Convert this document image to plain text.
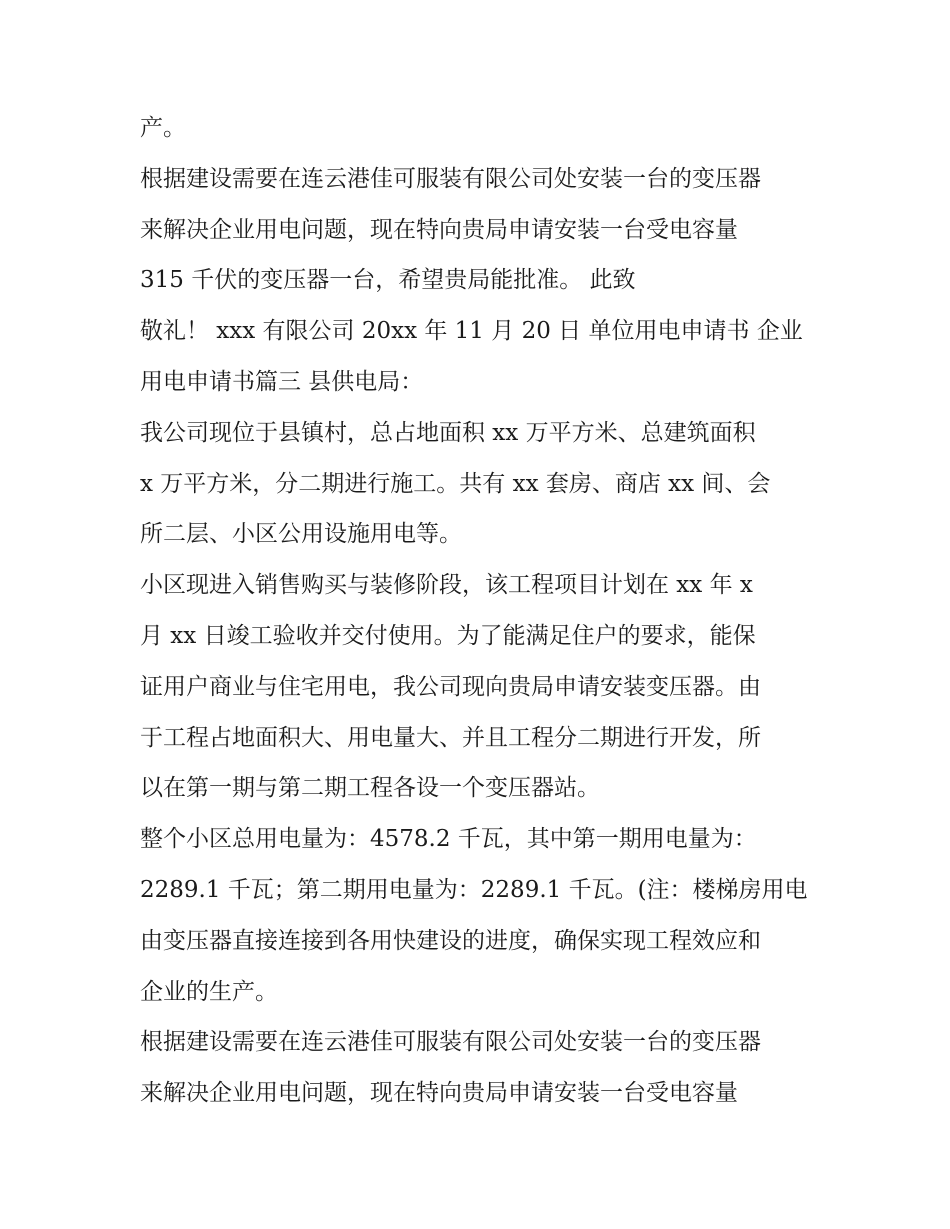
产。
根据建设需要在连云港佳可服装有限公司处安装一台的变压器
来解决企业用电问题，现在特向贵局申请安装一台受电容量
315 千伏的变压器一台，希望贵局能批准。 此致
敬礼！ xxx 有限公司 20xx 年 11 月 20 日 单位用电申请书 企业
用电申请书篇三 县供电局：
我公司现位于县镇村，总占地面积 xx 万平方米、总建筑面积
x 万平方米，分二期进行施工。共有 xx 套房、商店 xx 间、会
所二层、小区公用设施用电等。
小区现进入销售购买与装修阶段，该工程项目计划在 xx 年 x
月 xx 日竣工验收并交付使用。为了能满足住户的要求，能保
证用户商业与住宅用电，我公司现向贵局申请安装变压器。由
于工程占地面积大、用电量大、并且工程分二期进行开发，所
以在第一期与第二期工程各设一个变压器站。
整个小区总用电量为：4578.2 千瓦，其中第一期用电量为：
2289.1 千瓦；第二期用电量为：2289.1 千瓦。(注：楼梯房用电
由变压器直接连接到各用快建设的进度，确保实现工程效应和
企业的生产。
根据建设需要在连云港佳可服装有限公司处安装一台的变压器
来解决企业用电问题，现在特向贵局申请安装一台受电容量
